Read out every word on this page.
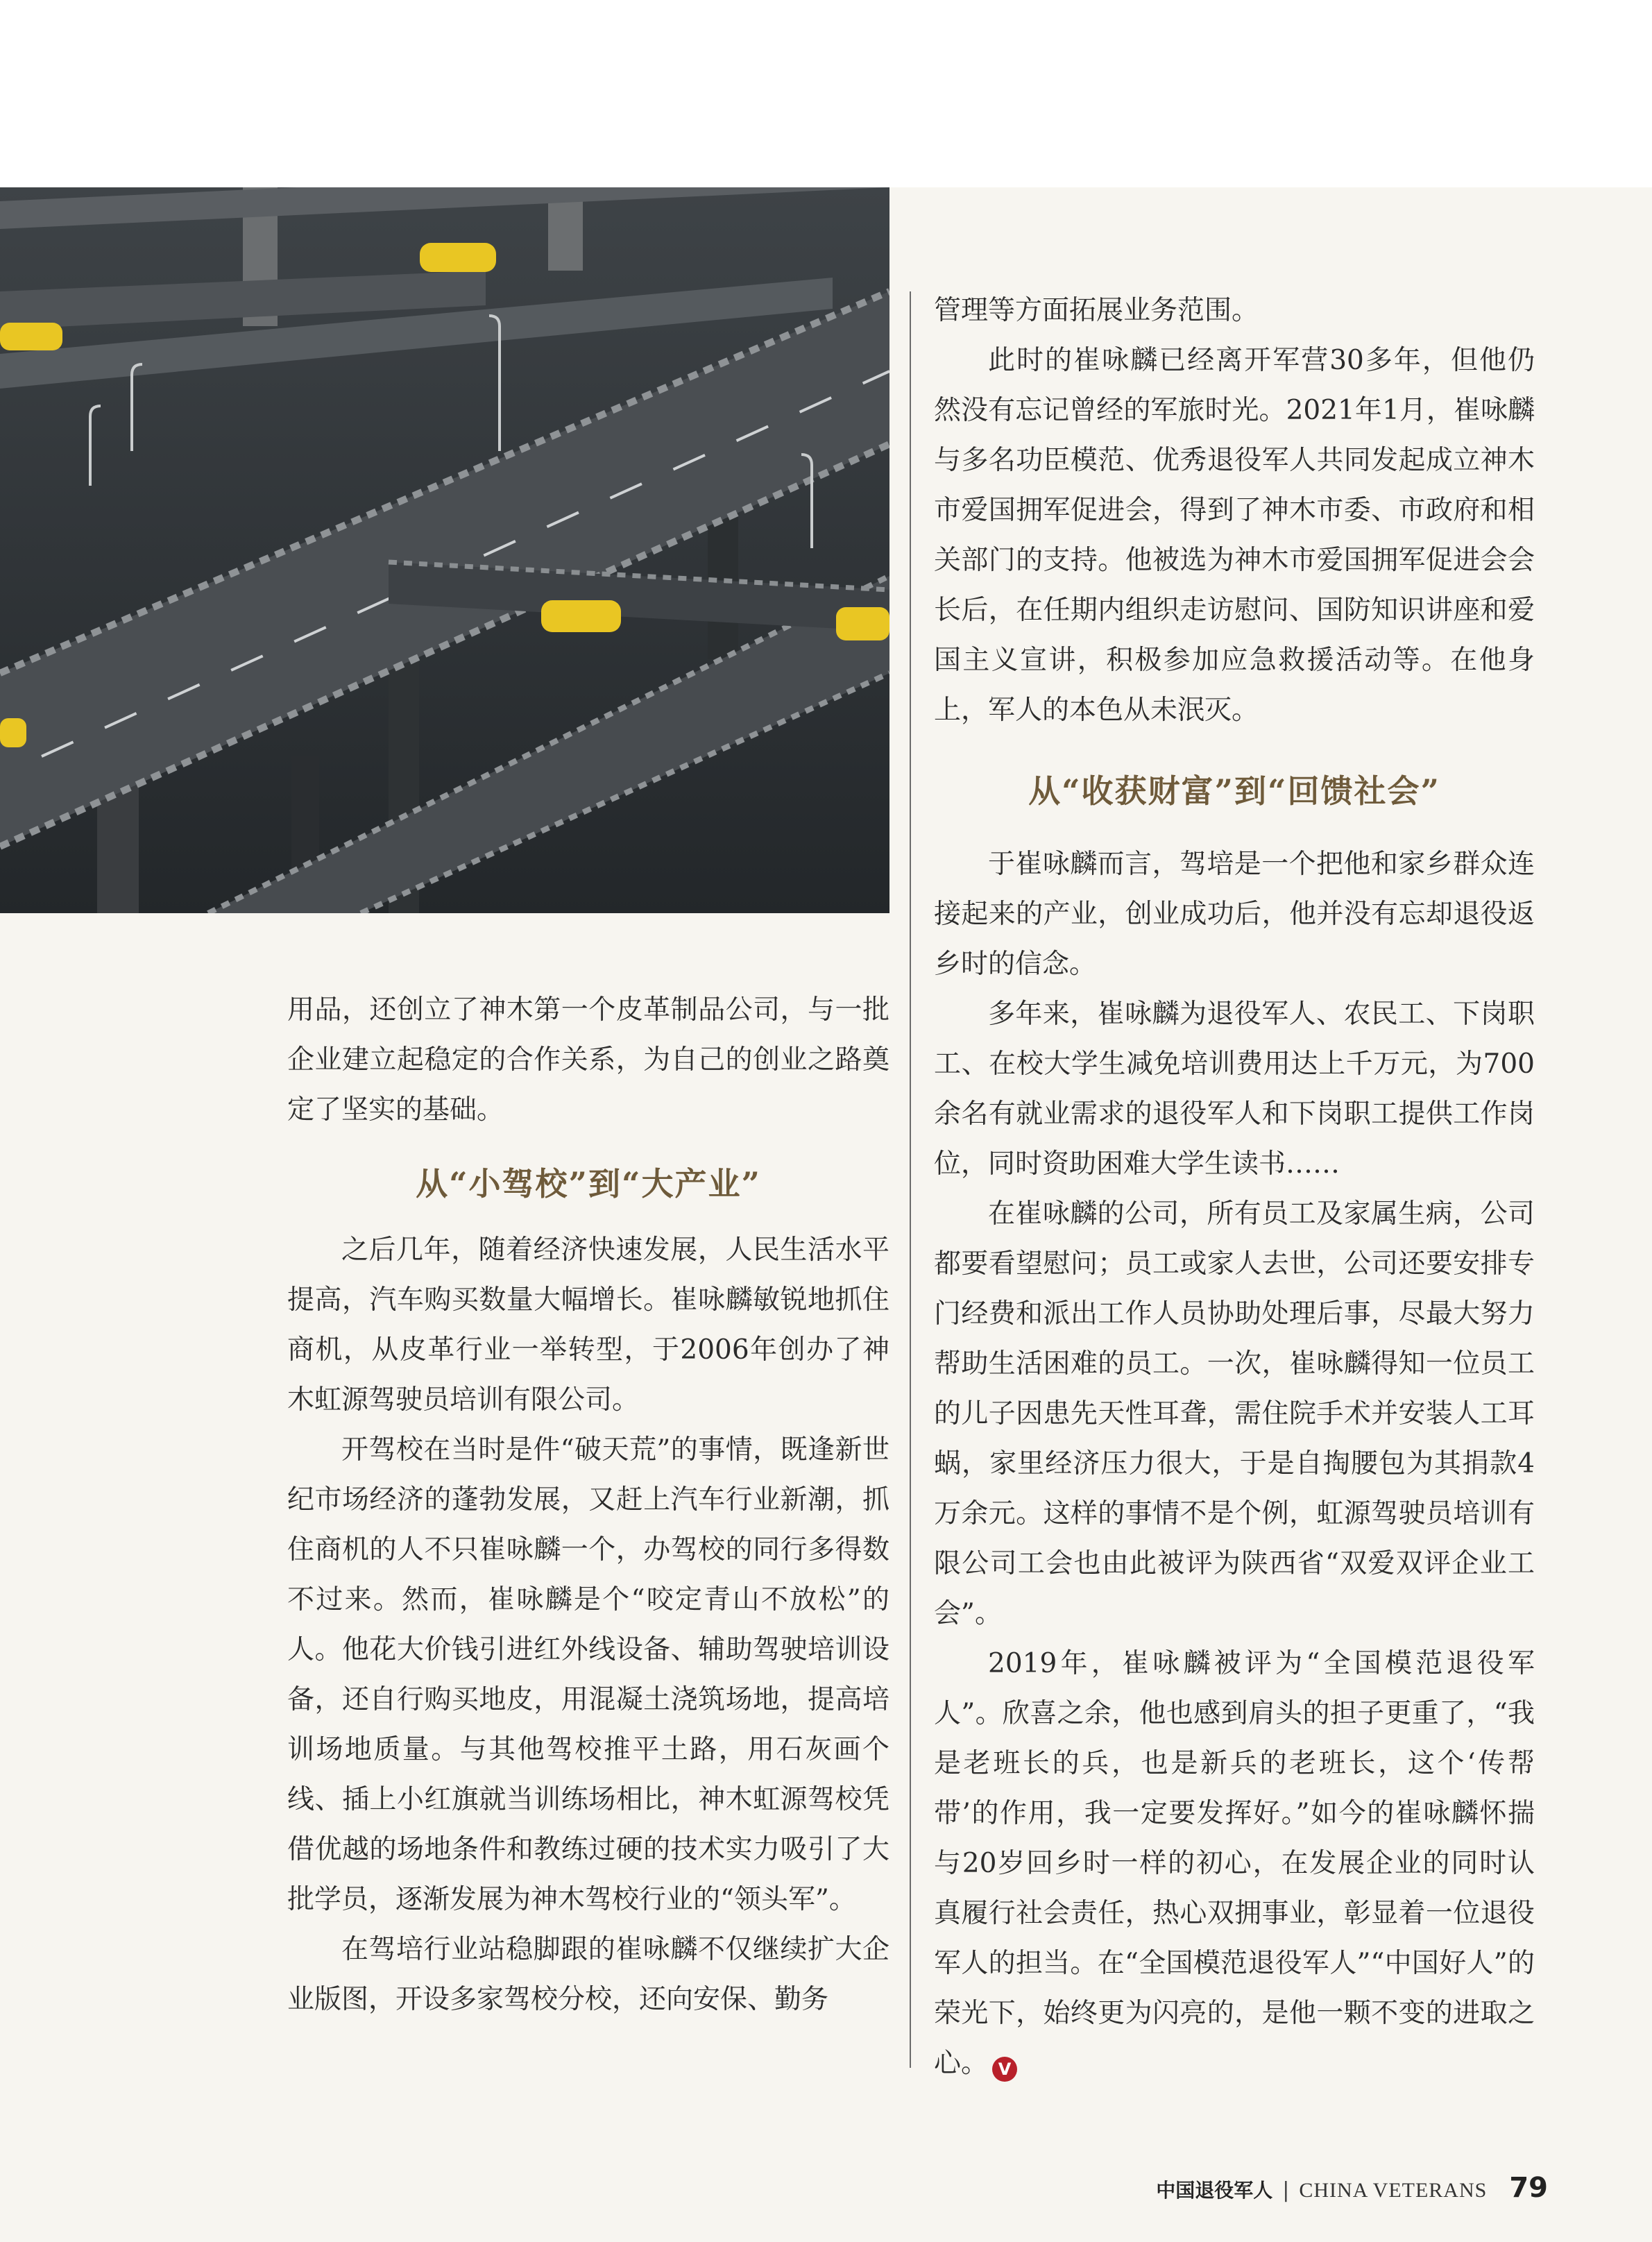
用品，还创立了神木第一个皮革制品公司，与一批企业建立起稳定的合作关系，为自己的创业之路奠定了坚实的基础。

从“小驾校”到“大产业”

之后几年，随着经济快速发展，人民生活水平提高，汽车购买数量大幅增长。崔咏麟敏锐地抓住商机，从皮革行业一举转型，于2006年创办了神木虹源驾驶员培训有限公司。

开驾校在当时是件“破天荒”的事情，既逢新世纪市场经济的蓬勃发展，又赶上汽车行业新潮，抓住商机的人不只崔咏麟一个，办驾校的同行多得数不过来。然而，崔咏麟是个“咬定青山不放松”的人。他花大价钱引进红外线设备、辅助驾驶培训设备，还自行购买地皮，用混凝土浇筑场地，提高培训场地质量。与其他驾校推平土路，用石灰画个线、插上小红旗就当训练场相比，神木虹源驾校凭借优越的场地条件和教练过硬的技术实力吸引了大批学员，逐渐发展为神木驾校行业的“领头军”。

在驾培行业站稳脚跟的崔咏麟不仅继续扩大企业版图，开设多家驾校分校，还向安保、勤务

管理等方面拓展业务范围。

此时的崔咏麟已经离开军营30多年，但他仍然没有忘记曾经的军旅时光。2021年1月，崔咏麟与多名功臣模范、优秀退役军人共同发起成立神木市爱国拥军促进会，得到了神木市委、市政府和相关部门的支持。他被选为神木市爱国拥军促进会会长后，在任期内组织走访慰问、国防知识讲座和爱国主义宣讲，积极参加应急救援活动等。在他身上，军人的本色从未泯灭。

从“收获财富”到“回馈社会”

于崔咏麟而言，驾培是一个把他和家乡群众连接起来的产业，创业成功后，他并没有忘却退役返乡时的信念。

多年来，崔咏麟为退役军人、农民工、下岗职工、在校大学生减免培训费用达上千万元，为700余名有就业需求的退役军人和下岗职工提供工作岗位，同时资助困难大学生读书……

在崔咏麟的公司，所有员工及家属生病，公司都要看望慰问；员工或家人去世，公司还要安排专门经费和派出工作人员协助处理后事，尽最大努力帮助生活困难的员工。一次，崔咏麟得知一位员工的儿子因患先天性耳聋，需住院手术并安装人工耳蜗，家里经济压力很大，于是自掏腰包为其捐款4万余元。这样的事情不是个例，虹源驾驶员培训有限公司工会也由此被评为陕西省“双爱双评企业工会”。

2019年，崔咏麟被评为“全国模范退役军人”。欣喜之余，他也感到肩头的担子更重了，“我是老班长的兵，也是新兵的老班长，这个‘传帮带’的作用，我一定要发挥好。”如今的崔咏麟怀揣与20岁回乡时一样的初心，在发展企业的同时认真履行社会责任，热心双拥事业，彰显着一位退役军人的担当。在“全国模范退役军人”“中国好人”的荣光下，始终更为闪亮的，是他一颗不变的进取之心。 V

中国退役军人 | CHINA VETERANS 79
